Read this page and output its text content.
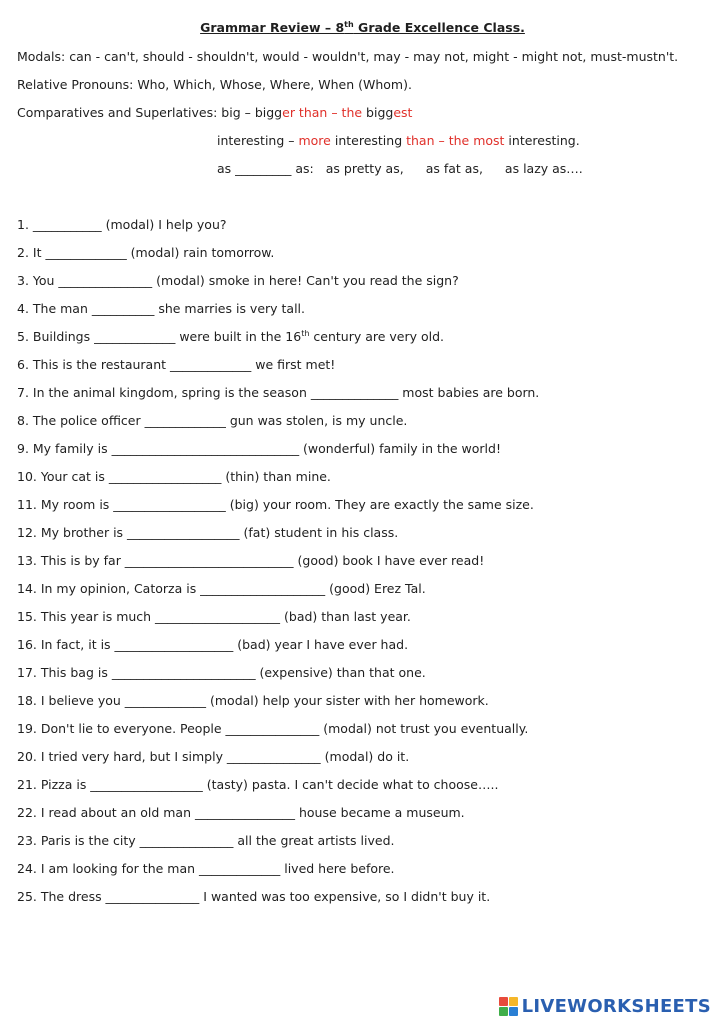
Grammar Review – 8th Grade Excellence Class.
Modals: can - can't, should - shouldn't, would - wouldn't, may - may not, might - might not, must-mustn't.
Relative Pronouns: Who, Which, Whose, Where, When (Whom).
Comparatives and Superlatives: big – bigger than – the biggest
interesting – more interesting than – the most interesting.
as _________ as: as pretty as, as fat as, as lazy as….
1. ___________ (modal) I help you?
2. It _____________ (modal) rain tomorrow.
3. You _______________ (modal) smoke in here! Can't you read the sign?
4. The man __________ she marries is very tall.
5. Buildings _____________ were built in the 16th century are very old.
6. This is the restaurant _____________ we first met!
7. In the animal kingdom, spring is the season ______________ most babies are born.
8. The police officer _____________ gun was stolen, is my uncle.
9. My family is ______________________________ (wonderful) family in the world!
10. Your cat is __________________ (thin) than mine.
11. My room is __________________ (big) your room. They are exactly the same size.
12. My brother is __________________ (fat) student in his class.
13. This is by far ___________________________ (good) book I have ever read!
14. In my opinion, Catorza is ____________________ (good) Erez Tal.
15. This year is much ____________________ (bad) than last year.
16. In fact, it is ___________________ (bad) year I have ever had.
17. This bag is _______________________ (expensive) than that one.
18. I believe you _____________ (modal) help your sister with her homework.
19. Don't lie to everyone. People _______________ (modal) not trust you eventually.
20. I tried very hard, but I simply _______________ (modal) do it.
21. Pizza is __________________ (tasty) pasta. I can't decide what to choose…..
22. I read about an old man ________________ house became a museum.
23. Paris is the city _______________ all the great artists lived.
24. I am looking for the man _____________ lived here before.
25. The dress _______________ I wanted was too expensive, so I didn't buy it.
LIVEWORKSHEETS
